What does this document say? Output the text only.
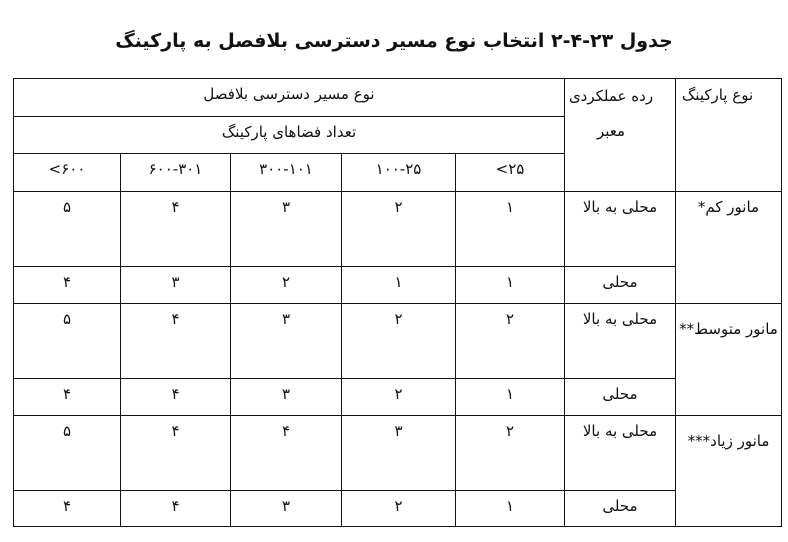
جدول ۲۳-۴-۲ انتخاب نوع مسیر دسترسی بلافصل به پارکینگ
نوع مسیر دسترسی بلافصل					رده عملکردی معبر	نوع پارکینگ
تعداد فضاهای پارکینگ						
۶۰۰>	۶۰۰-۳۰۱	۳۰۰-۱۰۱	۱۰۰-۲۵	۲۵>		
۵	۴	۳	۲	۱	محلی به بالا	مانور کم*
۴	۳	۲	۱	۱	محلی	
۵	۴	۳	۲	۲	محلی به بالا	مانور متوسط**
۴	۴	۳	۲	۱	محلی	
۵	۴	۴	۳	۲	محلی به بالا	مانور زیاد***
۴	۴	۳	۲	۱	محلی	
